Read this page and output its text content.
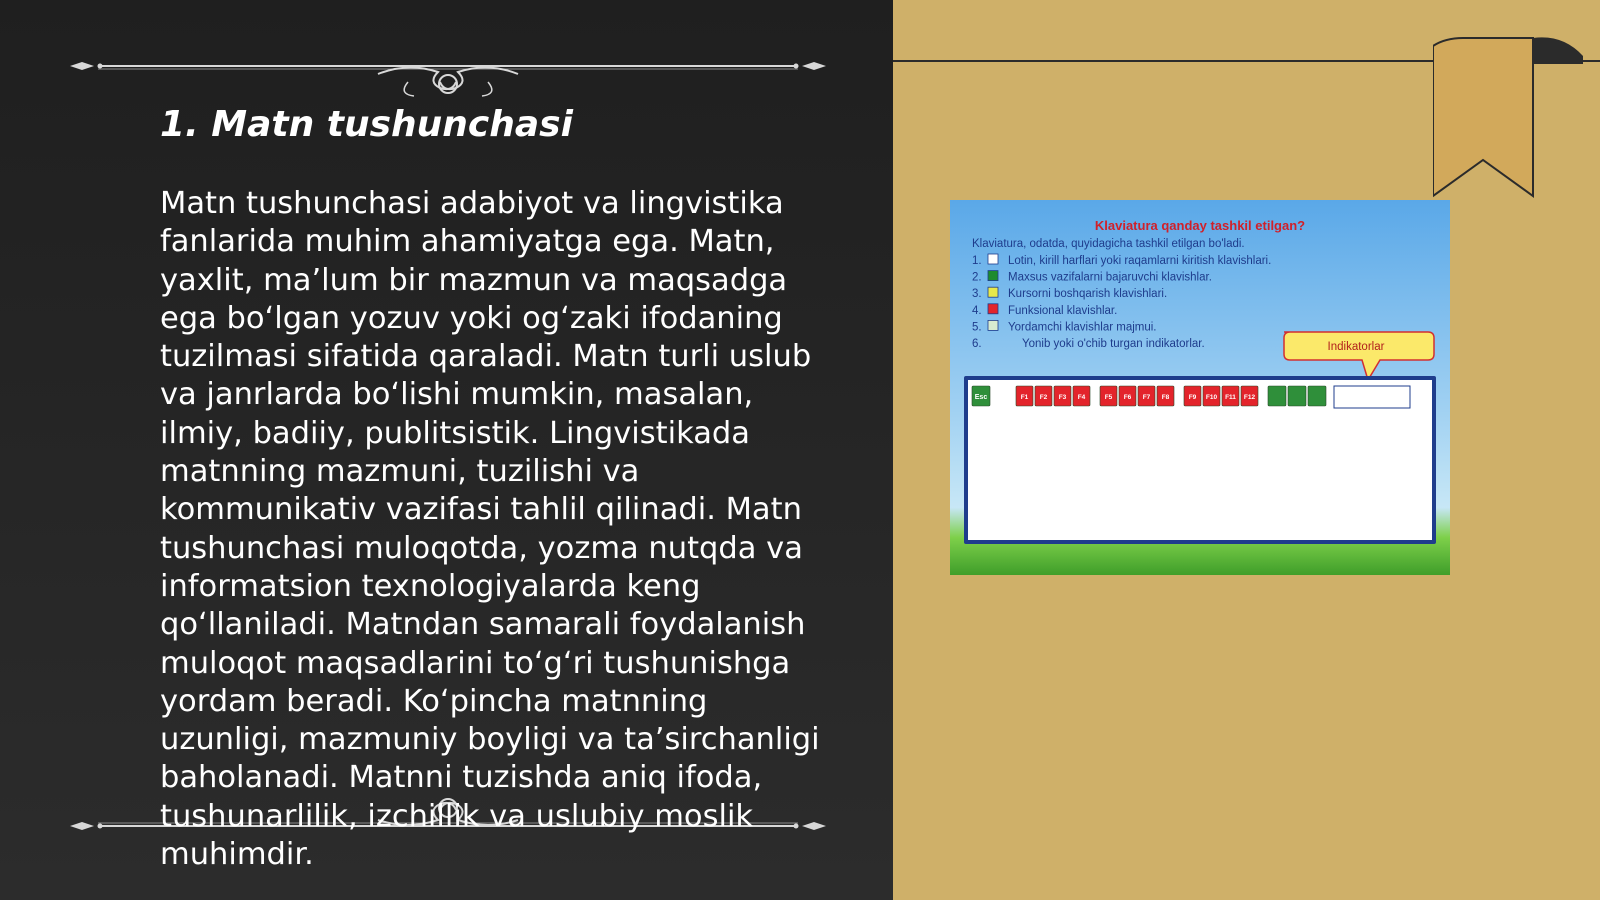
1. Matn tushunchasi

Matn tushunchasi adabiyot va lingvistika fanlarida muhim ahamiyatga ega. Matn, yaxlit, ma’lum bir mazmun va maqsadga ega bo‘lgan yozuv yoki og‘zaki ifodaning tuzilmasi sifatida qaraladi. Matn turli uslub va janrlarda bo‘lishi mumkin, masalan, ilmiy, badiiy, publitsistik. Lingvistikada matnning mazmuni, tuzilishi va kommunikativ vazifasi tahlil qilinadi. Matn tushunchasi muloqotda, yozma nutqda va informatsion texnologiyalarda keng qo‘llaniladi. Matndan samarali foydalanish muloqot maqsadlarini to‘g‘ri tushunishga yordam beradi. Ko‘pincha matnning uzunligi, mazmuniy boyligi va ta’sirchanligi baholanadi. Matnni tuzishda aniq ifoda, tushunarlilik, izchillik va uslubiy moslik muhimdir.

Klaviatura qanday tashkil etilgan?
Klaviatura, odatda, quyidagicha tashkil etilgan bo'ladi.
1. Lotin, kirill harflari yoki raqamlarni kiritish klavishlari.
2. Maxsus vazifalarni bajaruvchi klavishlar.
3. Kursorni boshqarish klavishlari.
4. Funksional klavishlar.
5. Yordamchi klavishlar majmui.
6.	Yonib yoki o'chib turgan indikatorlar.	Indikatorlar
Esc	F1 F2 F3 F4	F5 F6 F7 F8	F9 F10 F11 F12
